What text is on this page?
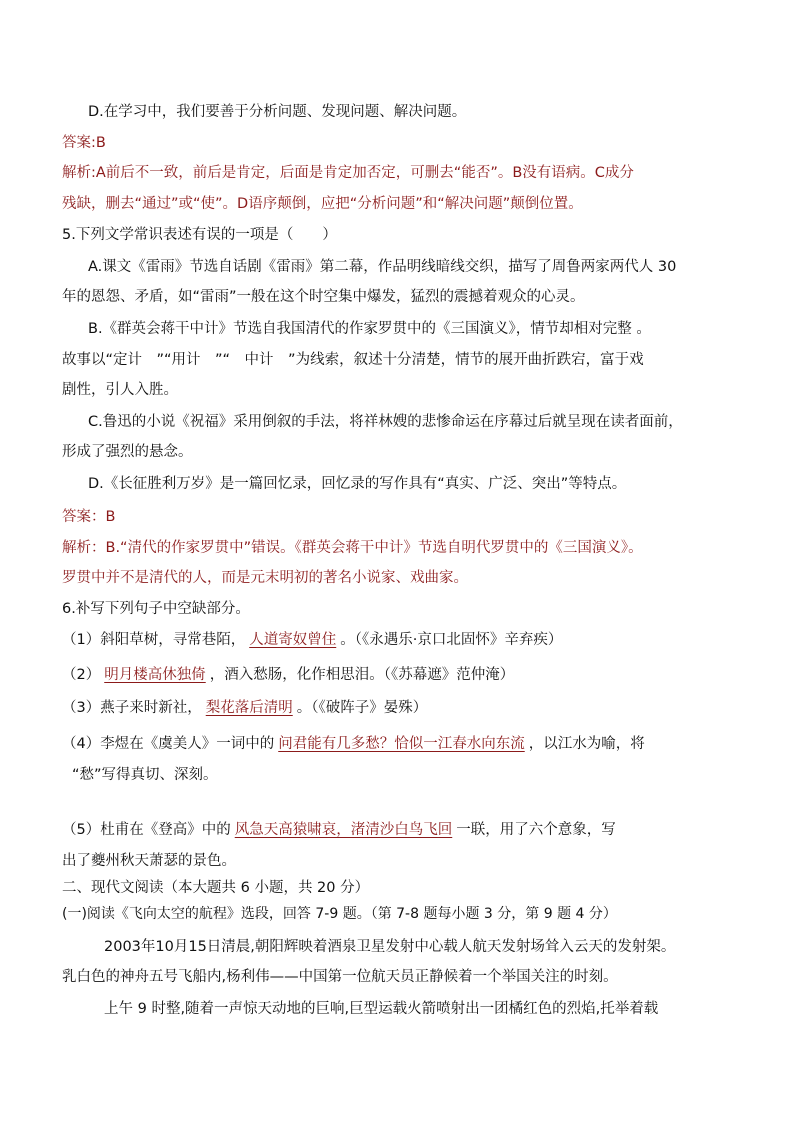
D.在学习中，我们要善于分析问题、发现问题、解决问题。
答案:B
解析:A前后不一致，前后是肯定，后面是肯定加否定，可删去“能否”。B没有语病。C成分
残缺，删去“通过”或“使”。D语序颠倒，应把“分析问题”和“解决问题”颠倒位置。
5.下列文学常识表述有误的一项是（　　）
A.课文《雷雨》节选自话剧《雷雨》第二幕，作品明线暗线交织，描写了周鲁两家两代人 30
年的恩怨、矛盾，如“雷雨”一般在这个时空集中爆发，猛烈的震撼着观众的心灵。
B.《群英会蒋干中计》节选自我国清代的作家罗贯中的《三国演义》，情节却相对完整 。
故事以“定计　”“用计　”“　中计　”为线索，叙述十分清楚，情节的展开曲折跌宕，富于戏
剧性，引人入胜。
C.鲁迅的小说《祝福》采用倒叙的手法，将祥林嫂的悲惨命运在序幕过后就呈现在读者面前，
形成了强烈的悬念。
D.《长征胜利万岁》是一篇回忆录，回忆录的写作具有“真实、广泛、突出”等特点。
答案：B
解析：B.“清代的作家罗贯中”错误。《群英会蒋干中计》节选自明代罗贯中的《三国演义》。
罗贯中并不是清代的人，而是元末明初的著名小说家、戏曲家。
6.补写下列句子中空缺部分。
（1）斜阳草树，寻常巷陌， 人道寄奴曾住 。（《永遇乐·京口北固怀》辛弃疾）
（2） 明月楼高休独倚 ，酒入愁肠，化作相思泪。（《苏幕遮》范仲淹）
（3）燕子来时新社， 梨花落后清明 。（《破阵子》晏殊）
（4）李煜在《虞美人》一词中的 问君能有几多愁？恰似一江春水向东流 ，以江水为喻，将
“愁”写得真切、深刻。
（5）杜甫在《登高》中的 风急天高猿啸哀，渚清沙白鸟飞回 一联，用了六个意象，写
出了夔州秋天萧瑟的景色。
二、现代文阅读（本大题共 6 小题，共 20 分）
(一)阅读《飞向太空的航程》选段，回答 7-9 题。（第 7-8 题每小题 3 分，第 9 题 4 分）
2003年10月15日清晨,朝阳辉映着酒泉卫星发射中心载人航天发射场耸入云天的发射架。
乳白色的神舟五号飞船内,杨利伟——中国第一位航天员正静候着一个举国关注的时刻。
上午 9 时整,随着一声惊天动地的巨响,巨型运载火箭喷射出一团橘红色的烈焰,托举着载
